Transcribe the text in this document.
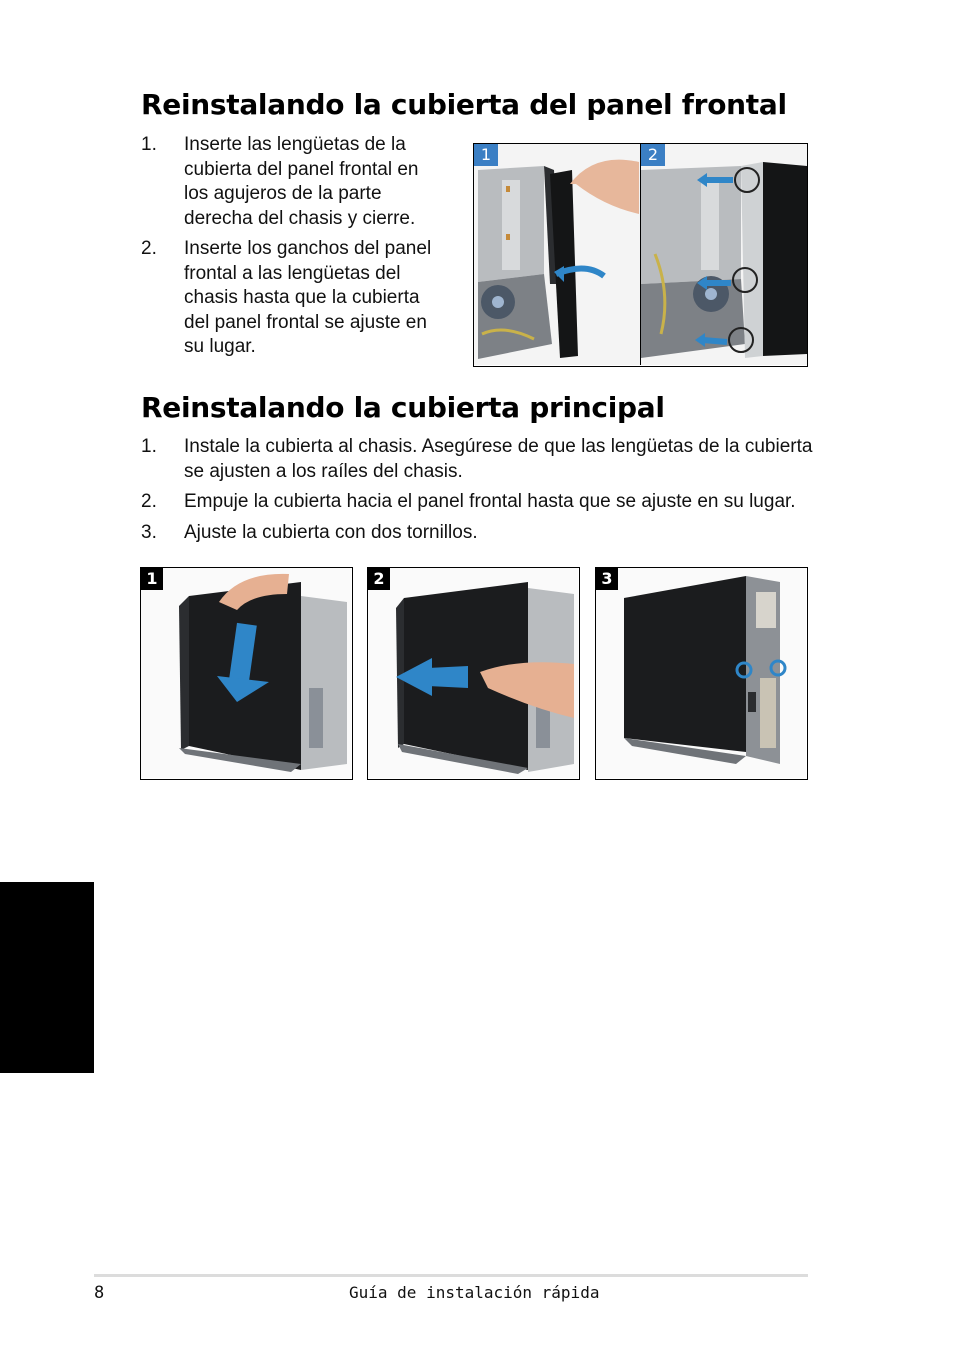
Reinstalando la cubierta del panel frontal
1. Inserte las lengüetas de la cubierta del panel frontal en los agujeros de la parte derecha del chasis y cierre.
2. Inserte los ganchos del panel frontal a las lengüetas del chasis hasta que la cubierta del panel frontal se ajuste en su lugar.
1	2
Reinstalando la cubierta principal
1. Instale la cubierta al chasis. Asegúrese de que las lengüetas de la cubierta se ajusten a los raíles del chasis.
2. Empuje la cubierta hacia el panel frontal hasta que se ajuste en su lugar.
3. Ajuste la cubierta con dos tornillos.
1	2	3
8	Guía de instalación rápida
